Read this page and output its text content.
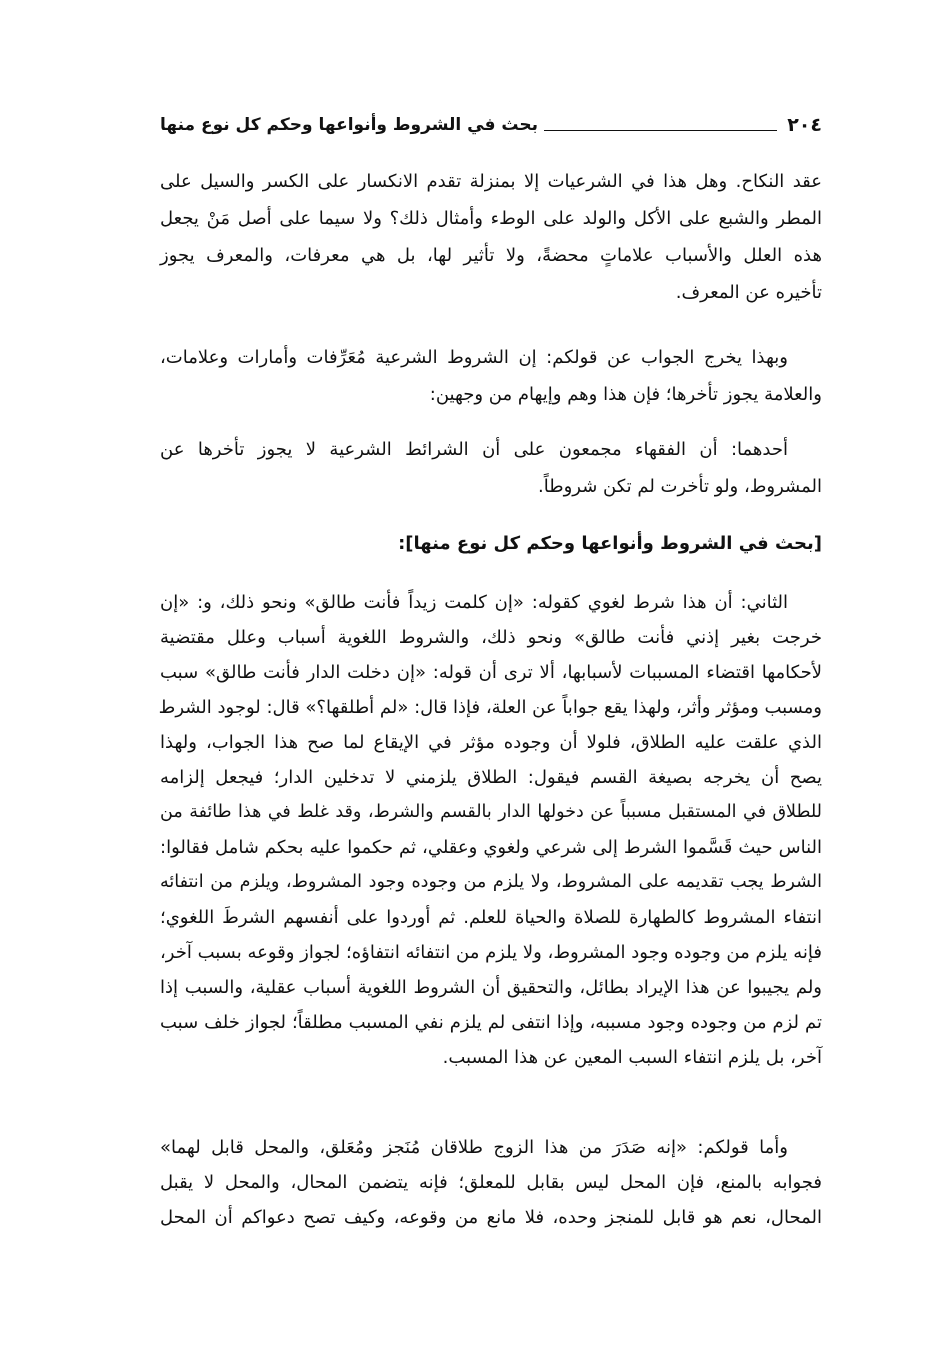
٢٠٤
بحث في الشروط وأنواعها وحكم كل نوع منها
عقد النكاح. وهل هذا في الشرعيات إلا بمنزلة تقدم الانكسار على الكسر والسيل على
المطر والشبع على الأكل والولد على الوطء وأمثال ذلك؟ ولا سيما على أصل مَنْ يجعل
هذه العلل والأسباب علاماتٍ محضةً، ولا تأثير لها، بل هي معرفات، والمعرف يجوز
تأخيره عن المعرف.
وبهذا يخرج الجواب عن قولكم: إن الشروط الشرعية مُعَرِّفات وأمارات وعلامات،
والعلامة يجوز تأخرها؛ فإن هذا وهم وإيهام من وجهين:
أحدهما: أن الفقهاء مجمعون على أن الشرائط الشرعية لا يجوز تأخرها عن
المشروط، ولو تأخرت لم تكن شروطاً.
[بحث في الشروط وأنواعها وحكم كل نوع منها]:
الثاني: أن هذا شرط لغوي كقوله: «إن كلمت زيداً فأنت طالق» ونحو ذلك، و: «إن
خرجت بغير إذني فأنت طالق» ونحو ذلك، والشروط اللغوية أسباب وعلل مقتضية
لأحكامها اقتضاء المسببات لأسبابها، ألا ترى أن قوله: «إن دخلت الدار فأنت طالق» سبب
ومسبب ومؤثر وأثر، ولهذا يقع جواباً عن العلة، فإذا قال: «لم أطلقها؟» قال: لوجود الشرط
الذي علقت عليه الطلاق، فلولا أن وجوده مؤثر في الإيقاع لما صح هذا الجواب، ولهذا
يصح أن يخرجه بصيغة القسم فيقول: الطلاق يلزمني لا تدخلين الدار؛ فيجعل إلزامه
للطلاق في المستقبل مسبباً عن دخولها الدار بالقسم والشرط، وقد غلط في هذا طائفة من
الناس حيث قَسَّموا الشرط إلى شرعي ولغوي وعقلي، ثم حكموا عليه بحكم شامل فقالوا:
الشرط يجب تقديمه على المشروط، ولا يلزم من وجوده وجود المشروط، ويلزم من انتفائه
انتفاء المشروط كالطهارة للصلاة والحياة للعلم. ثم أوردوا على أنفسهم الشرطَ اللغوي؛
فإنه يلزم من وجوده وجود المشروط، ولا يلزم من انتفائه انتفاؤه؛ لجواز وقوعه بسبب آخر،
ولم يجيبوا عن هذا الإيراد بطائل، والتحقيق أن الشروط اللغوية أسباب عقلية، والسبب إذا
تم لزم من وجوده وجود مسببه، وإذا انتفى لم يلزم نفي المسبب مطلقاً؛ لجواز خلف سبب
آخر، بل يلزم انتفاء السبب المعين عن هذا المسبب.
وأما قولكم: «إنه صَدَرَ من هذا الزوج طلاقان مُنَجز ومُعَلق، والمحل قابل لهما»
فجوابه بالمنع، فإن المحل ليس بقابل للمعلق؛ فإنه يتضمن المحال، والمحل لا يقبل
المحال، نعم هو قابل للمنجز وحده، فلا مانع من وقوعه، وكيف تصح دعواكم أن المحل
